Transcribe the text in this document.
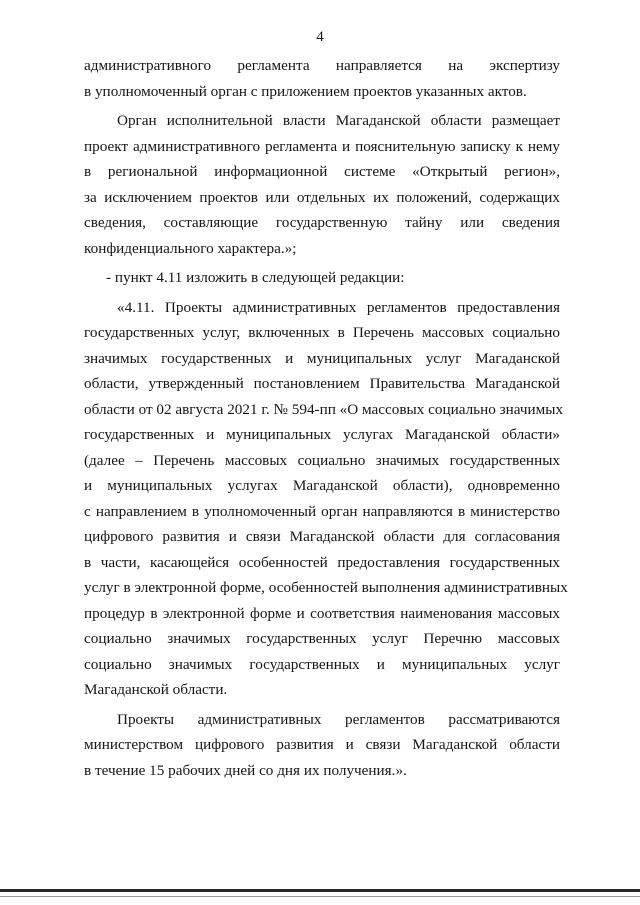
4
административного регламента направляется на экспертизу
в уполномоченный орган с приложением проектов указанных актов.
Орган исполнительной власти Магаданской области размещает
проект административного регламента и пояснительную записку к нему
в региональной информационной системе «Открытый регион»,
за исключением проектов или отдельных их положений, содержащих
сведения, составляющие государственную тайну или сведения
конфиденциального характера.»;
- пункт 4.11 изложить в следующей редакции:
«4.11. Проекты административных регламентов предоставления
государственных услуг, включенных в Перечень массовых социально
значимых государственных и муниципальных услуг Магаданской
области, утвержденный постановлением Правительства Магаданской
области от 02 августа 2021 г. № 594-пп «О массовых социально значимых
государственных и муниципальных услугах Магаданской области»
(далее – Перечень массовых социально значимых государственных
и муниципальных услугах Магаданской области), одновременно
с направлением в уполномоченный орган направляются в министерство
цифрового развития и связи Магаданской области для согласования
в части, касающейся особенностей предоставления государственных
услуг в электронной форме, особенностей выполнения административных
процедур в электронной форме и соответствия наименования массовых
социально значимых государственных услуг Перечню массовых
социально значимых государственных и муниципальных услуг
Магаданской области.
Проекты административных регламентов рассматриваются
министерством цифрового развития и связи Магаданской области
в течение 15 рабочих дней со дня их получения.».
